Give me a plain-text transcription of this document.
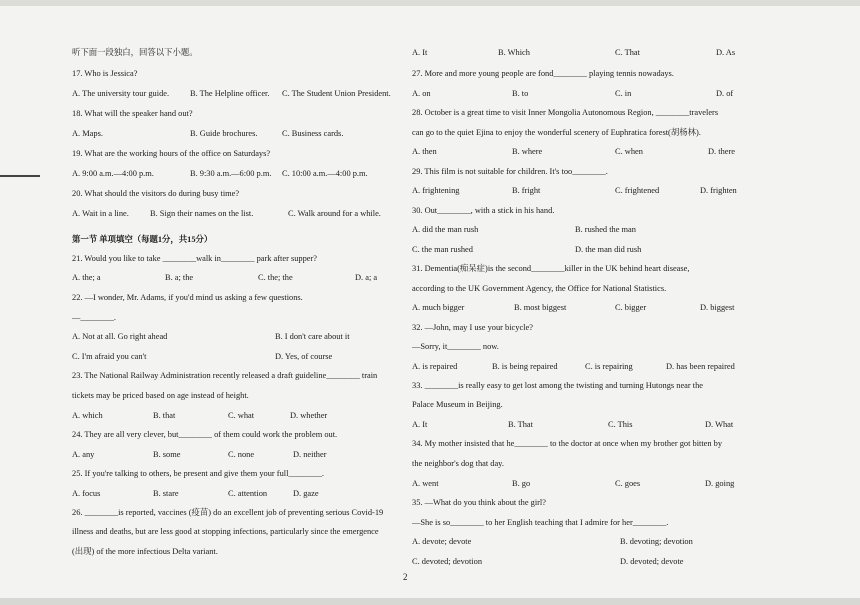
听下面一段独白，回答以下小题。
17. Who is Jessica?
A. The university tour guide. B. The Helpline officer. C. The Student Union President.
18. What will the speaker hand out?
A. Maps.	B. Guide brochures.	C. Business cards.
19. What are the working hours of the office on Saturdays?
A. 9:00 a.m.—4:00 p.m.	B. 9:30 a.m.—6:00 p.m. C. 10:00 a.m.—4:00 p.m.
20. What should the visitors do during busy time?
A. Wait in a line.	B. Sign their names on the list.	C. Walk around for a while.
第一节 单项填空（每题1分，共15分）
21. Would you like to take ________walk in________ park after supper?
A. the; a	B. a; the	C. the; the	D. a; a
22. —I wonder, Mr. Adams, if you'd mind us asking a few questions.
—________.
A. Not at all. Go right ahead	B. I don't care about it
C. I'm afraid you can't	D. Yes, of course
23. The National Railway Administration recently released a draft guideline________ train
tickets may be priced based on age instead of height.
A. which	B. that	C. what	D. whether
24. They are all very clever, but________ of them could work the problem out.
A. any	B. some	C. none	D. neither
25. If you're talking to others, be present and give them your full________.
A. focus	B. stare	C. attention	D. gaze
26. ________is reported, vaccines (疫苗) do an excellent job of preventing serious Covid-19
illness and deaths, but are less good at stopping infections, particularly since the emergence
(出现) of the more infectious Delta variant.
A. It	B. Which	C. That	D. As
27. More and more young people are fond________ playing tennis nowadays.
A. on	B. to	C. in	D. of
28. October is a great time to visit Inner Mongolia Autonomous Region, ________travelers
can go to the quiet Ejina to enjoy the wonderful scenery of Euphratica forest(胡杨林).
A. then	B. where	C. when	D. there
29. This film is not suitable for children. It's too________.
A. frightening	B. fright	C. frightened	D. frighten
30. Out________, with a stick in his hand.
A. did the man rush	B. rushed the man
C. the man rushed	D. the man did rush
31. Dementia(痴呆症)is the second________killer in the UK behind heart disease,
according to the UK Government Agency, the Office for National Statistics.
A. much bigger	B. most biggest	C. bigger	D. biggest
32. —John, may I use your bicycle?
—Sorry, it________ now.
A. is repaired	B. is being repaired	C. is repairing	D. has been repaired
33. ________is really easy to get lost among the twisting and turning Hutongs near the
Palace Museum in Beijing.
A. It	B. That	C. This	D. What
34. My mother insisted that he________ to the doctor at once when my brother got bitten by
the neighbor's dog that day.
A. went	B. go	C. goes	D. going
35. —What do you think about the girl?
—She is so________ to her English teaching that I admire for her________.
A. devote; devote	B. devoting; devotion
C. devoted; devotion	D. devoted; devote
2
